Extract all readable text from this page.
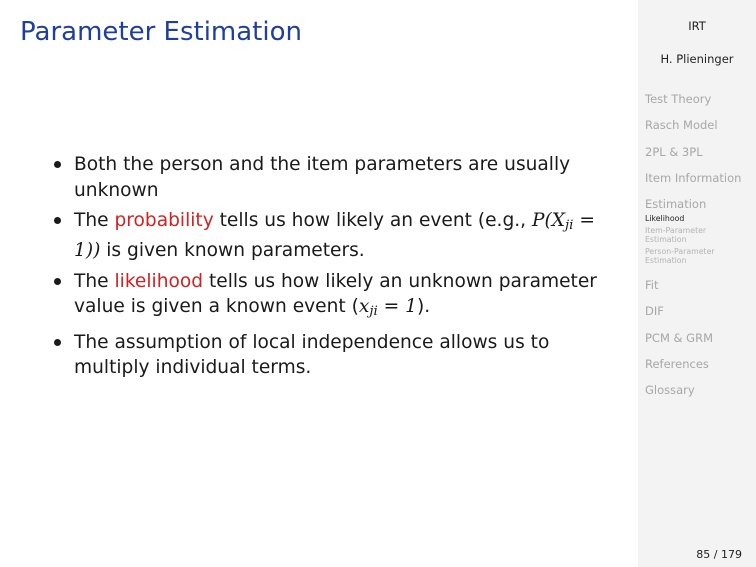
Parameter Estimation
Both the person and the item parameters are usually unknown
The probability tells us how likely an event (e.g., $P(X_{ji} = 1)$) is given known parameters.
The likelihood tells us how likely an unknown parameter value is given a known event $(x_{ji} = 1)$.
The assumption of local independence allows us to multiply individual terms.
IRT
H. Plieninger
Test Theory
Rasch Model
2PL & 3PL
Item Information
Estimation
Likelihood
Item-Parameter Estimation
Person-Parameter Estimation
Fit
DIF
PCM & GRM
References
Glossary
85 / 179
